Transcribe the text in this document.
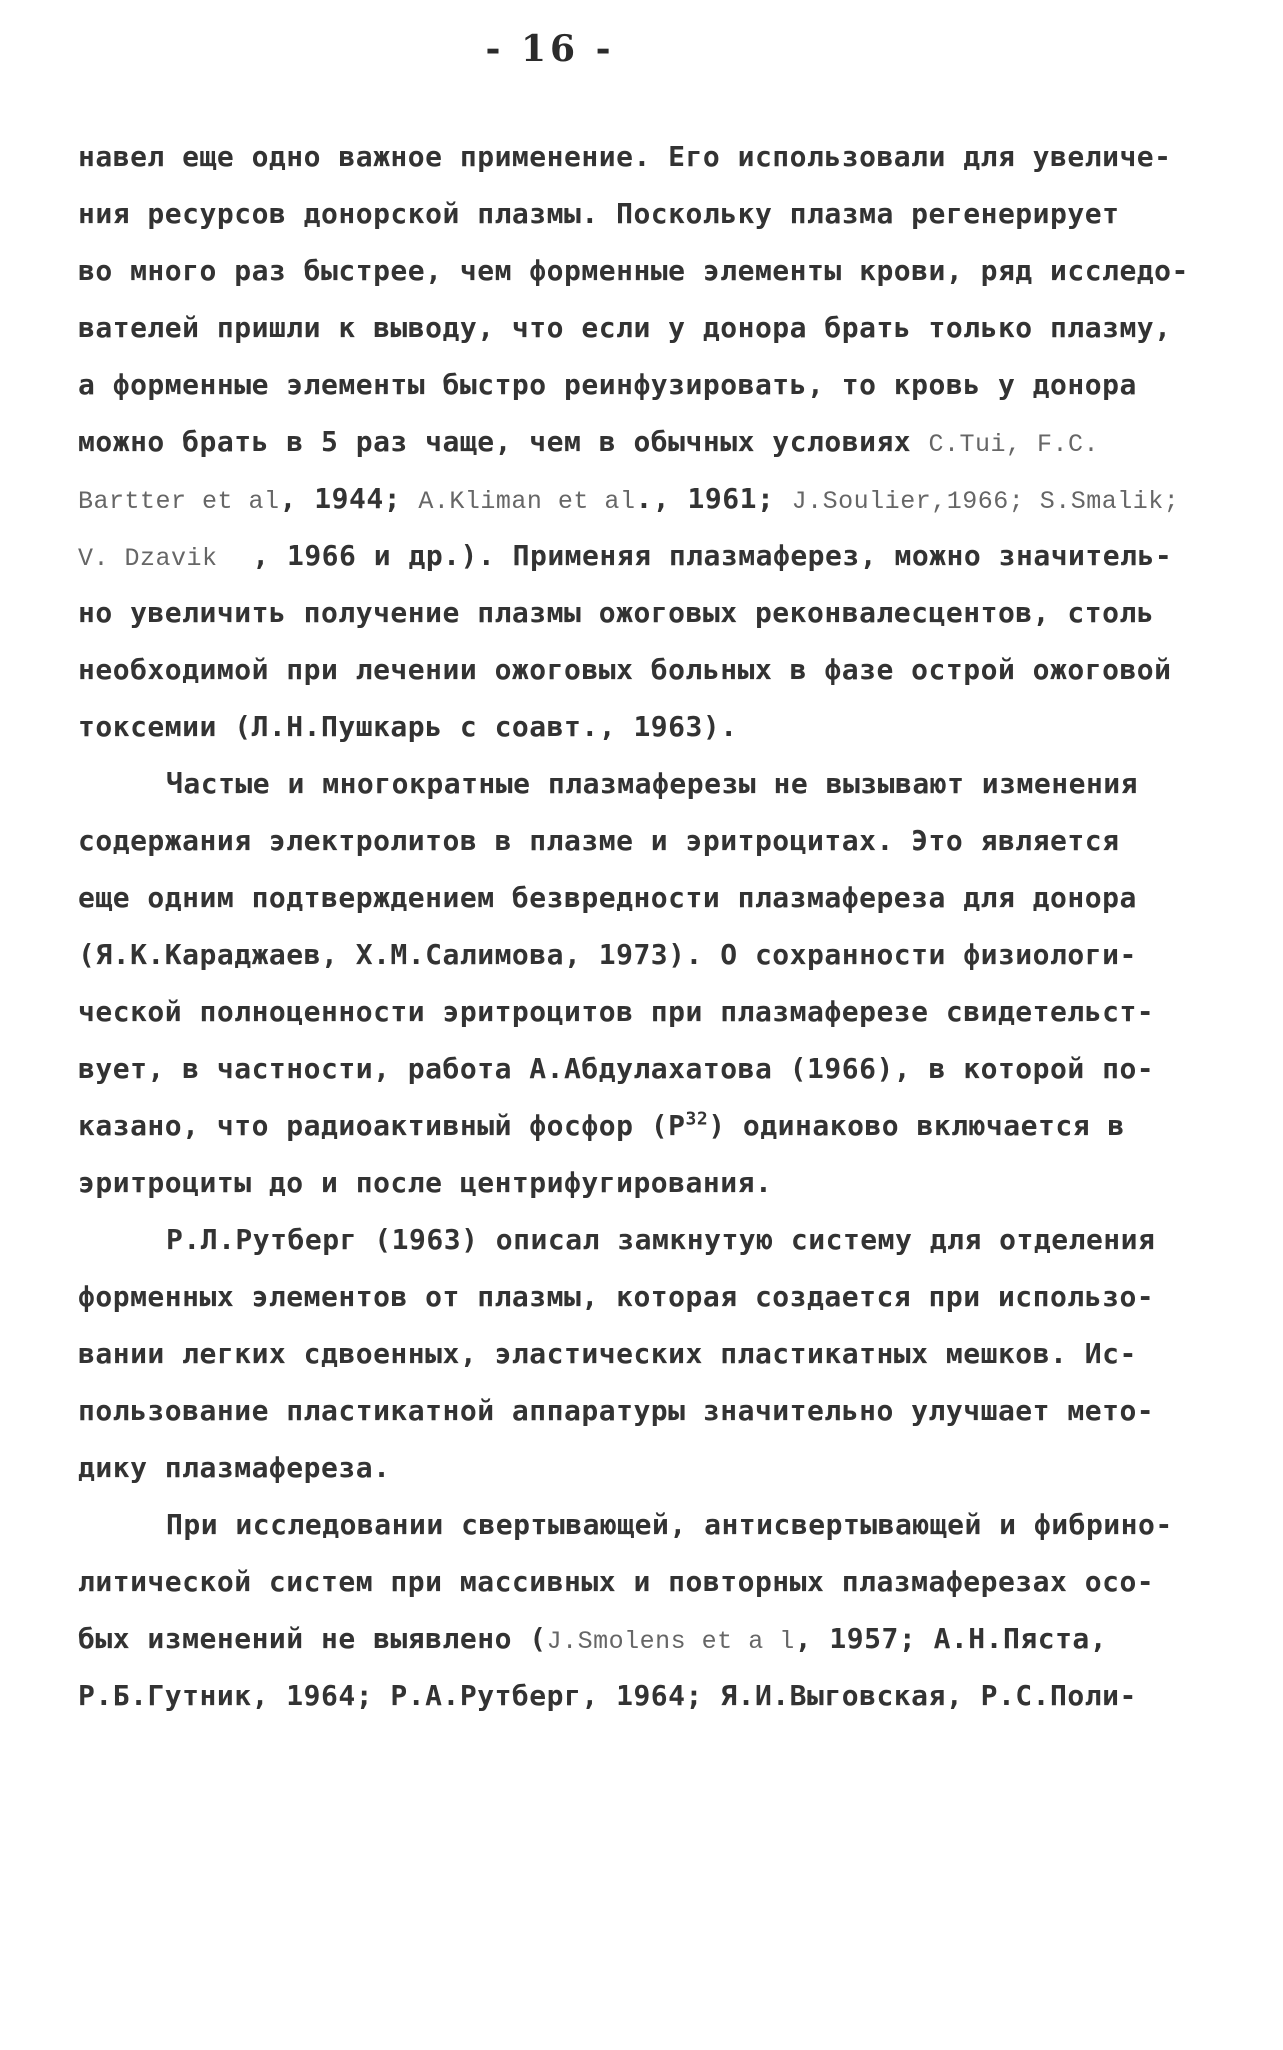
- 16 -
навел еще одно важное применение. Его использовали для увеличе-
ния ресурсов донорской плазмы. Поскольку плазма регенерирует
во много раз быстрее, чем форменные элементы крови, ряд исследо-
вателей пришли к выводу, что если у донора брать только плазму,
а форменные элементы быстро реинфузировать, то кровь у донора
можно брать в 5 раз чаще, чем в обычных условиях C.Tui, F.C.
Bartter et al, 1944; A.Kliman et al., 1961; J.Soulier,1966; S.Smalik;
V. Dzavik  , 1966 и др.). Применяя плазмаферез, можно значитель-
но увеличить получение плазмы ожоговых реконвалесцентов, столь
необходимой при лечении ожоговых больных в фазе острой ожоговой
токсемии (Л.Н.Пушкарь с соавт., 1963).
Частые и многократные плазмаферезы не вызывают изменения
содержания электролитов в плазме и эритроцитах. Это является
еще одним подтверждением безвредности плазмафереза для донора
(Я.К.Караджаев, Х.М.Салимова, 1973). О сохранности физиологи-
ческой полноценности эритроцитов при плазмаферезе свидетельст-
вует, в частности, работа А.Абдулахатова (1966), в которой по-
казано, что радиоактивный фосфор $(P^{32})$ одинаково включается в
эритроциты до и после центрифугирования.
Р.Л.Рутберг (1963) описал замкнутую систему для отделения
форменных элементов от плазмы, которая создается при использо-
вании легких сдвоенных, эластических пластикатных мешков. Ис-
пользование пластикатной аппаратуры значительно улучшает мето-
дику плазмафереза.
При исследовании свертывающей, антисвертывающей и фибрино-
литической систем при массивных и повторных плазмаферезах осо-
бых изменений не выявлено (J.Smolens et a l, 1957; А.Н.Пяста,
Р.Б.Гутник, 1964; Р.А.Рутберг, 1964; Я.И.Выговская, Р.С.Поли-
